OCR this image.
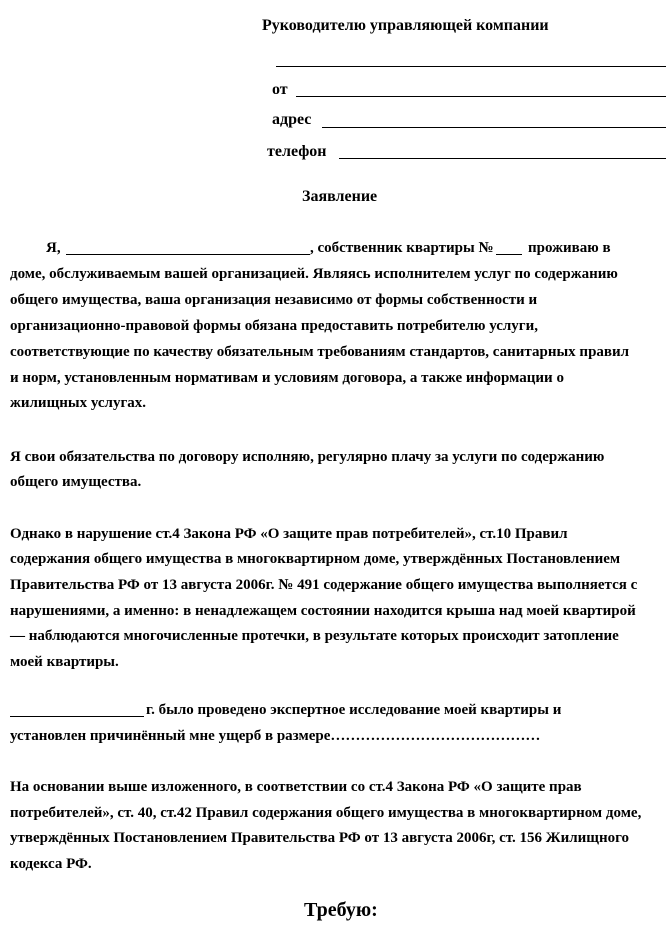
Руководителю управляющей компании
от
адрес
телефон
Заявление
Я,	, собственник квартиры № проживаю в
доме, обслуживаемым вашей организацией. Являясь исполнителем услуг по содержанию
общего имущества, ваша организация независимо от формы собственности и
организационно-правовой формы обязана предоставить потребителю услуги,
соответствующие по качеству обязательным требованиям стандартов, санитарных правил
и норм, установленным нормативам и условиям договора, а также информации о
жилищных услугах.
Я свои обязательства по договору исполняю, регулярно плачу за услуги по содержанию
общего имущества.
Однако в нарушение ст.4 Закона РФ «О защите прав потребителей», ст.10 Правил
содержания общего имущества в многоквартирном доме, утверждённых Постановлением
Правительства РФ от 13 августа 2006г. № 491 содержание общего имущества выполняется с
нарушениями, а именно: в ненадлежащем состоянии находится крыша над моей квартирой
— наблюдаются многочисленные протечки, в результате которых происходит затопление
моей квартиры.
г. было проведено экспертное исследование моей квартиры и
установлен причинённый мне ущерб в размере……………………………………
На основании выше изложенного, в соответствии со ст.4 Закона РФ «О защите прав
потребителей», ст. 40, ст.42 Правил содержания общего имущества в многоквартирном доме,
утверждённых Постановлением Правительства РФ от 13 августа 2006г, ст. 156 Жилищного
кодекса РФ.
Требую:
